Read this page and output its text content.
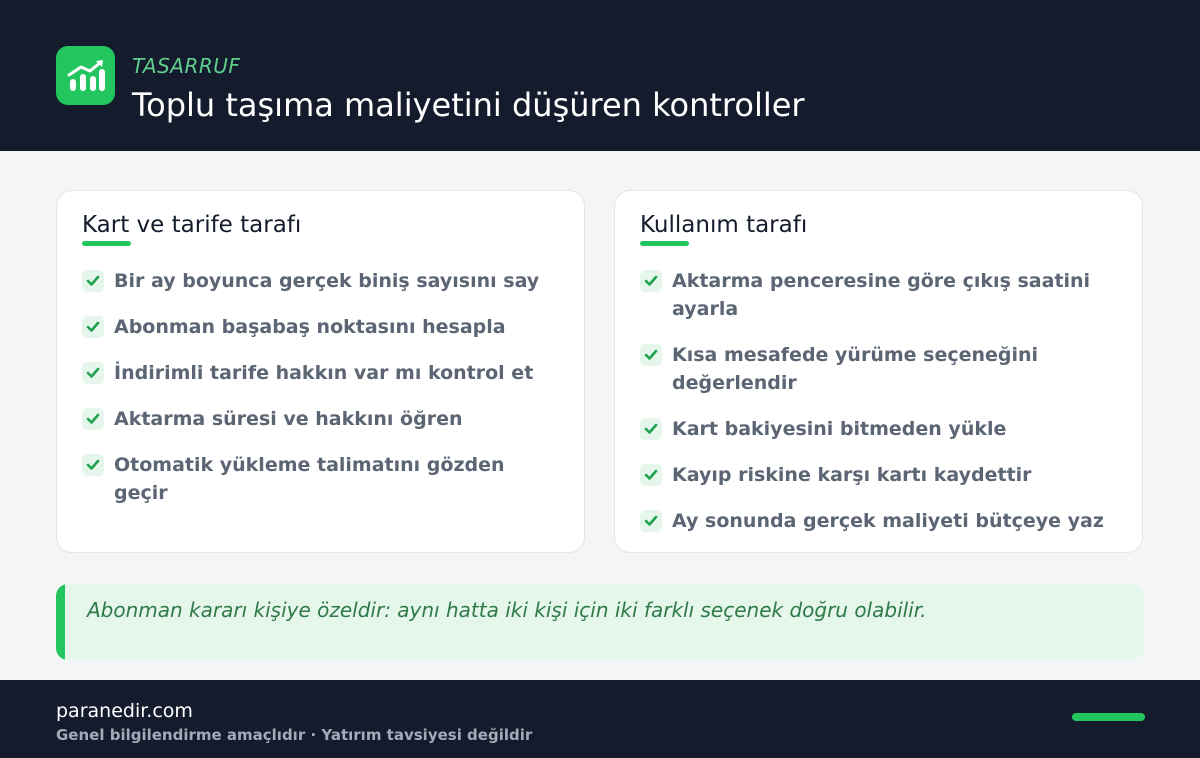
TASARRUF
Toplu taşıma maliyetini düşüren kontroller
Kart ve tarife tarafı
Bir ay boyunca gerçek biniş sayısını say
Abonman başabaş noktasını hesapla
İndirimli tarife hakkın var mı kontrol et
Aktarma süresi ve hakkını öğren
Otomatik yükleme talimatını gözden geçir
Kullanım tarafı
Aktarma penceresine göre çıkış saatini ayarla
Kısa mesafede yürüme seçeneğini değerlendir
Kart bakiyesini bitmeden yükle
Kayıp riskine karşı kartı kaydettir
Ay sonunda gerçek maliyeti bütçeye yaz
Abonman kararı kişiye özeldir: aynı hatta iki kişi için iki farklı seçenek doğru olabilir.
paranedir.com
Genel bilgilendirme amaçlıdır · Yatırım tavsiyesi değildir
